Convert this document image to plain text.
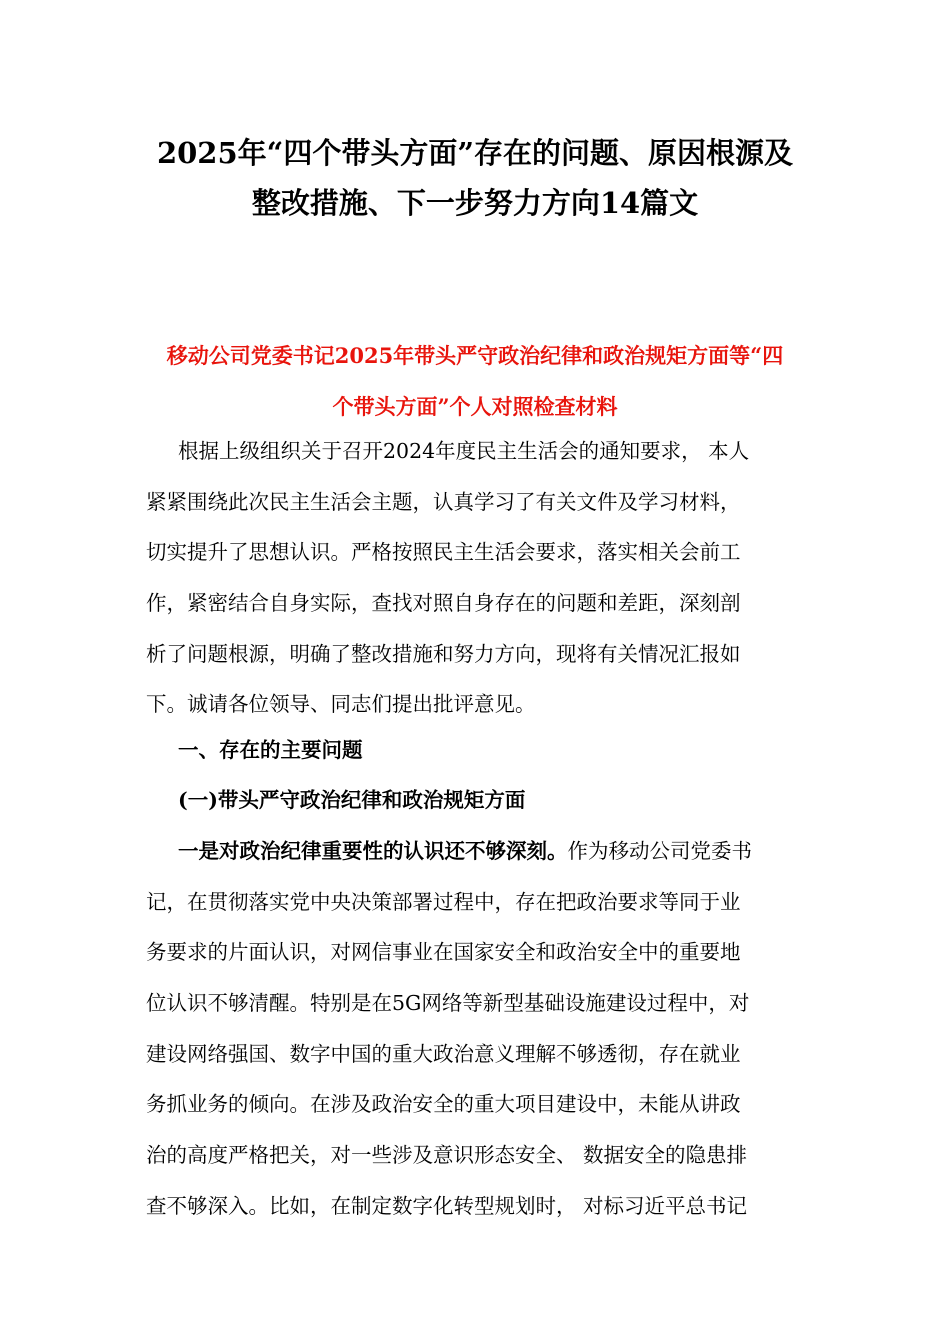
2025年“四个带头方面”存在的问题、原因根源及
整改措施、下一步努力方向14篇文
移动公司党委书记2025年带头严守政治纪律和政治规矩方面等“四
个带头方面”个人对照检查材料
根据上级组织关于召开2024年度民主生活会的通知要求， 本人
紧紧围绕此次民主生活会主题，认真学习了有关文件及学习材料，
切实提升了思想认识。严格按照民主生活会要求，落实相关会前工
作，紧密结合自身实际，查找对照自身存在的问题和差距，深刻剖
析了问题根源，明确了整改措施和努力方向，现将有关情况汇报如
下。诚请各位领导、同志们提出批评意见。
一、存在的主要问题
(一)带头严守政治纪律和政治规矩方面
一是对政治纪律重要性的认识还不够深刻。作为移动公司党委书
记，在贯彻落实党中央决策部署过程中，存在把政治要求等同于业
务要求的片面认识，对网信事业在国家安全和政治安全中的重要地
位认识不够清醒。特别是在5G网络等新型基础设施建设过程中，对
建设网络强国、数字中国的重大政治意义理解不够透彻，存在就业
务抓业务的倾向。在涉及政治安全的重大项目建设中，未能从讲政
治的高度严格把关，对一些涉及意识形态安全、 数据安全的隐患排
查不够深入。比如，在制定数字化转型规划时， 对标习近平总书记
